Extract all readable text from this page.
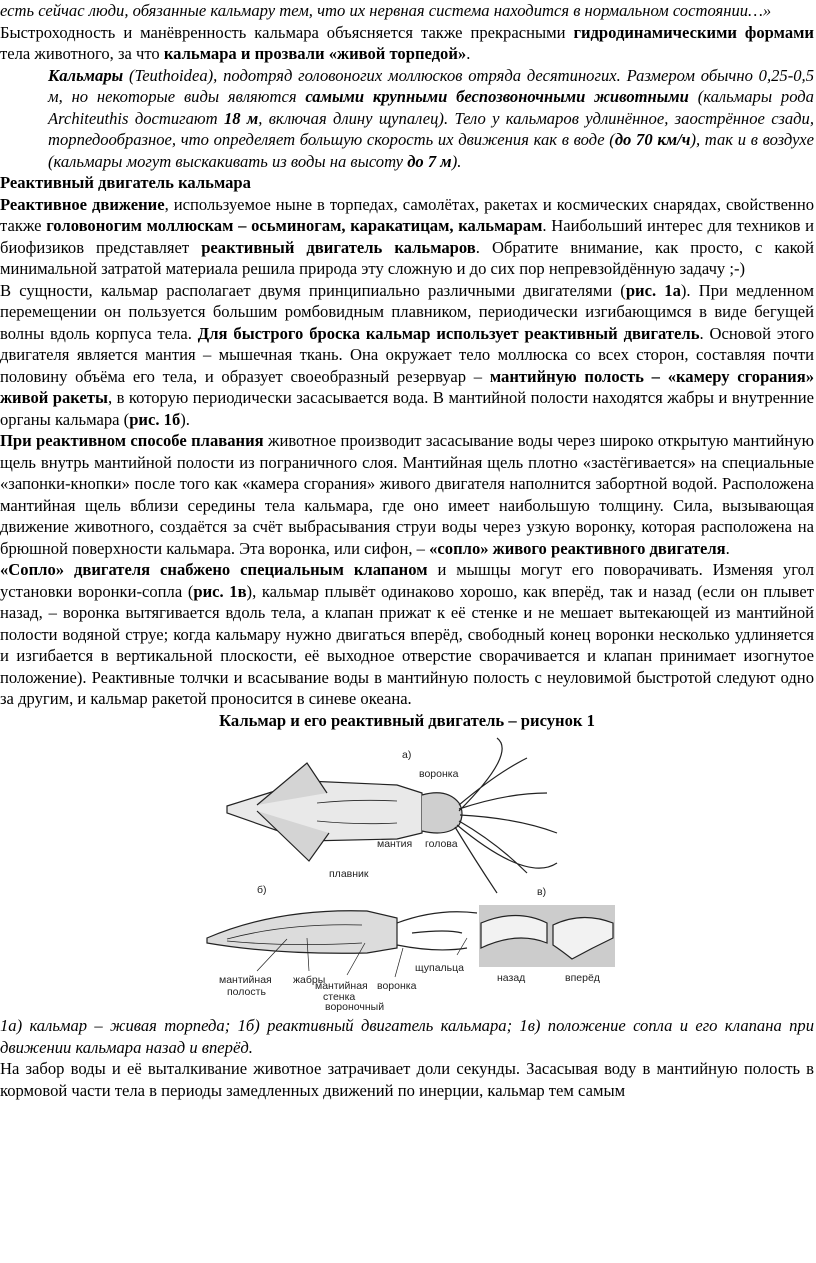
есть сейчас люди, обязанные кальмару тем, что их нервная система находится в нормальном состоянии…»

Быстроходность и манёвренность кальмара объясняется также прекрасными гидродинамическими формами тела животного, за что кальмара и прозвали «живой торпедой».

Кальмары (Teuthoidea), подотряд головоногих моллюсков отряда десятиногих. Размером обычно 0,25-0,5 м, но некоторые виды являются самыми крупными беспозвоночными животными (кальмары рода Architeuthis достигают 18 м, включая длину щупалец). Тело у кальмаров удлинённое, заострённое сзади, торпедообразное, что определяет большую скорость их движения как в воде (до 70 км/ч), так и в воздухе (кальмары могут выскакивать из воды на высоту до 7 м).

Реактивный двигатель кальмара

Реактивное движение, используемое ныне в торпедах, самолётах, ракетах и космических снарядах, свойственно также головоногим моллюскам – осьминогам, каракатицам, кальмарам. Наибольший интерес для техников и биофизиков представляет реактивный двигатель кальмаров. Обратите внимание, как просто, с какой минимальной затратой материала решила природа эту сложную и до сих пор непревзойдённую задачу ;-)

В сущности, кальмар располагает двумя принципиально различными двигателями (рис. 1а). При медленном перемещении он пользуется большим ромбовидным плавником, периодически изгибающимся в виде бегущей волны вдоль корпуса тела. Для быстрого броска кальмар использует реактивный двигатель. Основой этого двигателя является мантия – мышечная ткань. Она окружает тело моллюска со всех сторон, составляя почти половину объёма его тела, и образует своеобразный резервуар – мантийную полость – «камеру сгорания» живой ракеты, в которую периодически засасывается вода. В мантийной полости находятся жабры и внутренние органы кальмара (рис. 1б).

При реактивном способе плавания животное производит засасывание воды через широко открытую мантийную щель внутрь мантийной полости из пограничного слоя. Мантийная щель плотно «застёгивается» на специальные «запонки-кнопки» после того как «камера сгорания» живого двигателя наполнится забортной водой. Расположена мантийная щель вблизи середины тела кальмара, где оно имеет наибольшую толщину. Сила, вызывающая движение животного, создаётся за счёт выбрасывания струи воды через узкую воронку, которая расположена на брюшной поверхности кальмара. Эта воронка, или сифон, – «сопло» живого реактивного двигателя.

«Сопло» двигателя снабжено специальным клапаном и мышцы могут его поворачивать. Изменяя угол установки воронки-сопла (рис. 1в), кальмар плывёт одинаково хорошо, как вперёд, так и назад (если он плывет назад, – воронка вытягивается вдоль тела, а клапан прижат к её стенке и не мешает вытекающей из мантийной полости водяной струе; когда кальмару нужно двигаться вперёд, свободный конец воронки несколько удлиняется и изгибается в вертикальной плоскости, её выходное отверстие сворачивается и клапан принимает изогнутое положение). Реактивные толчки и всасывание воды в мантийную полость с неуловимой быстротой следуют одно за другим, и кальмар ракетой проносится в синеве океана.

Кальмар и его реактивный двигатель – рисунок 1

а)
воронка
мантия голова
плавник
б)
мантийная
полость
жабры
мантийная
стенка
воронка
щупальца
вороночный
в)
назад	вперёд

1а) кальмар – живая торпеда; 1б) реактивный двигатель кальмара; 1в) положение сопла и его клапана при движении кальмара назад и вперёд.

На забор воды и её выталкивание животное затрачивает доли секунды. Засасывая воду в мантийную полость в кормовой части тела в периоды замедленных движений по инерции, кальмар тем самым
